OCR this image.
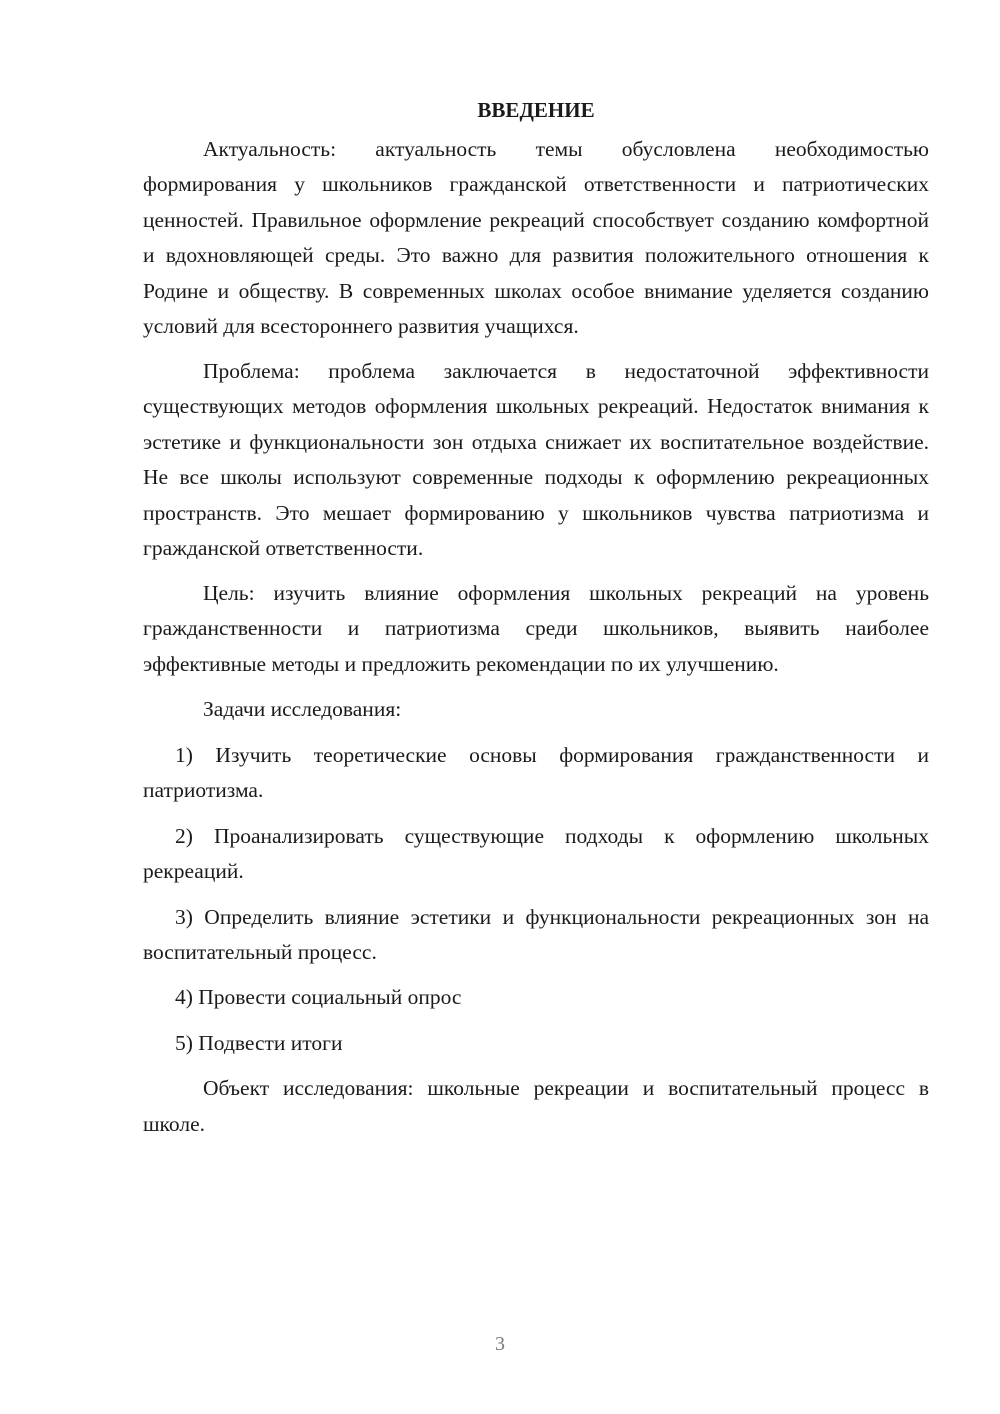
ВВЕДЕНИЕ

Актуальность: актуальность темы обусловлена необходимостью формирования у школьников гражданской ответственности и патриотических ценностей. Правильное оформление рекреаций способствует созданию комфортной и вдохновляющей среды. Это важно для развития положительного отношения к Родине и обществу. В современных школах особое внимание уделяется созданию условий для всестороннего развития учащихся.

Проблема: проблема заключается в недостаточной эффективности существующих методов оформления школьных рекреаций. Недостаток внимания к эстетике и функциональности зон отдыха снижает их воспитательное воздействие. Не все школы используют современные подходы к оформлению рекреационных пространств. Это мешает формированию у школьников чувства патриотизма и гражданской ответственности.

Цель: изучить влияние оформления школьных рекреаций на уровень гражданственности и патриотизма среди школьников, выявить наиболее эффективные методы и предложить рекомендации по их улучшению.

Задачи исследования:

1) Изучить теоретические основы формирования гражданственности и патриотизма.

2) Проанализировать существующие подходы к оформлению школьных рекреаций.

3) Определить влияние эстетики и функциональности рекреационных зон на воспитательный процесс.

4) Провести социальный опрос

5) Подвести итоги

Объект исследования: школьные рекреации и воспитательный процесс в школе.

3
